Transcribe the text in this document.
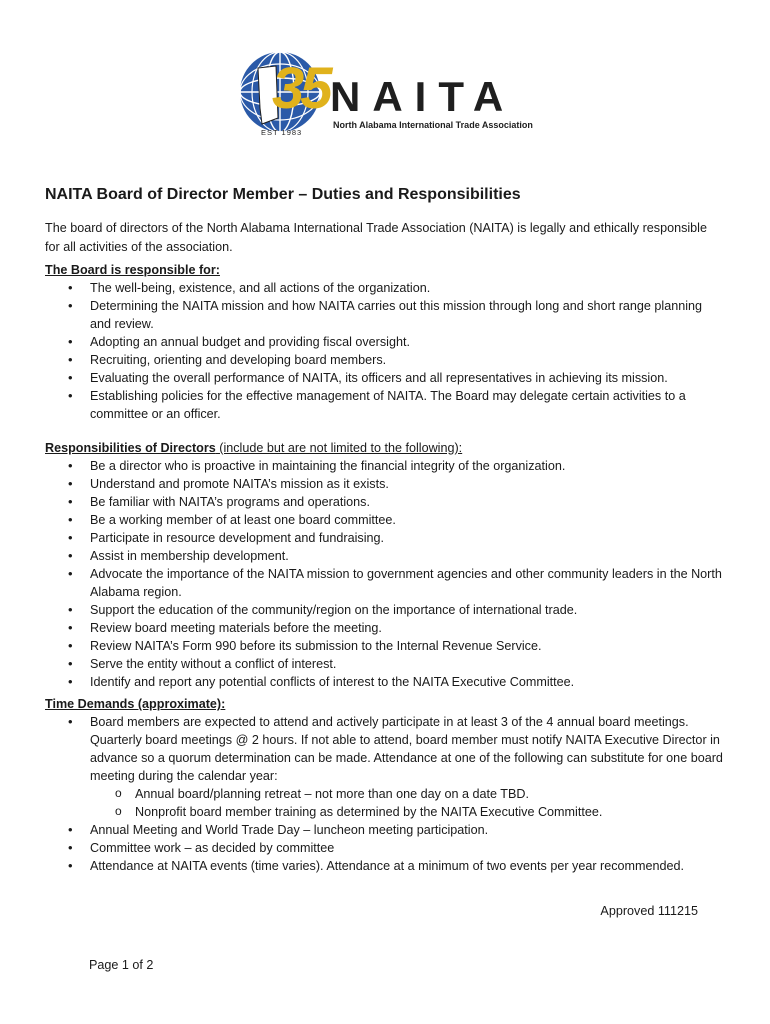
35 NAITA
North Alabama International Trade Association
EST 1983
NAITA Board of Director Member – Duties and Responsibilities

The board of directors of the North Alabama International Trade Association (NAITA) is legally and ethically responsible for all activities of the association.

The Board is responsible for:
• The well-being, existence, and all actions of the organization.
• Determining the NAITA mission and how NAITA carries out this mission through long and short range planning and review.
• Adopting an annual budget and providing fiscal oversight.
• Recruiting, orienting and developing board members.
• Evaluating the overall performance of NAITA, its officers and all representatives in achieving its mission.
• Establishing policies for the effective management of NAITA. The Board may delegate certain activities to a committee or an officer.
Responsibilities of Directors (include but are not limited to the following):
• Be a director who is proactive in maintaining the financial integrity of the organization.
• Understand and promote NAITA’s mission as it exists.
• Be familiar with NAITA’s programs and operations.
• Be a working member of at least one board committee.
• Participate in resource development and fundraising.
• Assist in membership development.
• Advocate the importance of the NAITA mission to government agencies and other community leaders in the North Alabama region.
• Support the education of the community/region on the importance of international trade.
• Review board meeting materials before the meeting.
• Review NAITA’s Form 990 before its submission to the Internal Revenue Service.
• Serve the entity without a conflict of interest.
• Identify and report any potential conflicts of interest to the NAITA Executive Committee.
Time Demands (approximate):
• Board members are expected to attend and actively participate in at least 3 of the 4 annual board meetings. Quarterly board meetings @ 2 hours. If not able to attend, board member must notify NAITA Executive Director in advance so a quorum determination can be made. Attendance at one of the following can substitute for one board meeting during the calendar year:
o Annual board/planning retreat – not more than one day on a date TBD.
o Nonprofit board member training as determined by the NAITA Executive Committee.
• Annual Meeting and World Trade Day – luncheon meeting participation.
• Committee work – as decided by committee
• Attendance at NAITA events (time varies). Attendance at a minimum of two events per year recommended.
Approved 111215
Page 1 of 2
